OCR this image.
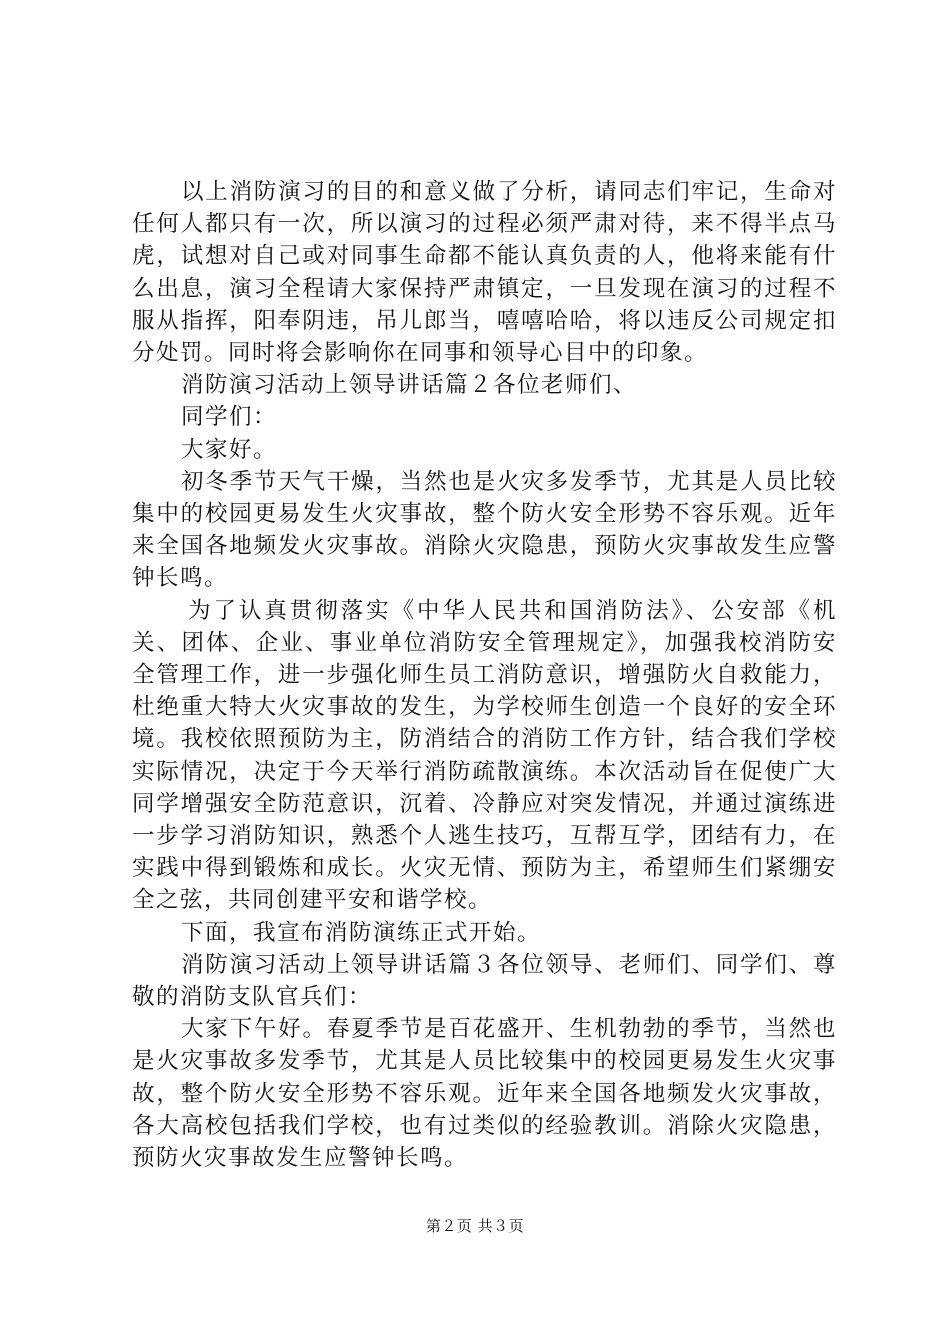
以上消防演习的目的和意义做了分析，请同志们牢记，生命对任何人都只有一次，所以演习的过程必须严肃对待，来不得半点马虎，试想对自己或对同事生命都不能认真负责的人，他将来能有什么出息，演习全程请大家保持严肃镇定，一旦发现在演习的过程不服从指挥，阳奉阴违，吊儿郎当，嘻嘻哈哈，将以违反公司规定扣分处罚。同时将会影响你在同事和领导心目中的印象。

消防演习活动上领导讲话篇２各位老师们、

同学们：

大家好。

初冬季节天气干燥，当然也是火灾多发季节，尤其是人员比较集中的校园更易发生火灾事故，整个防火安全形势不容乐观。近年来全国各地频发火灾事故。消除火灾隐患，预防火灾事故发生应警钟长鸣。

为了认真贯彻落实《中华人民共和国消防法》、公安部《机关、团体、企业、事业单位消防安全管理规定》，加强我校消防安全管理工作，进一步强化师生员工消防意识，增强防火自救能力，杜绝重大特大火灾事故的发生，为学校师生创造一个良好的安全环境。我校依照预防为主，防消结合的消防工作方针，结合我们学校实际情况，决定于今天举行消防疏散演练。本次活动旨在促使广大同学增强安全防范意识，沉着、冷静应对突发情况，并通过演练进一步学习消防知识，熟悉个人逃生技巧，互帮互学，团结有力，在实践中得到锻炼和成长。火灾无情、预防为主，希望师生们紧绷安全之弦，共同创建平安和谐学校。

下面，我宣布消防演练正式开始。

消防演习活动上领导讲话篇３各位领导、老师们、同学们、尊敬的消防支队官兵们：

大家下午好。春夏季节是百花盛开、生机勃勃的季节，当然也是火灾事故多发季节，尤其是人员比较集中的校园更易发生火灾事故，整个防火安全形势不容乐观。近年来全国各地频发火灾事故，各大高校包括我们学校，也有过类似的经验教训。消除火灾隐患，预防火灾事故发生应警钟长鸣。

第２页 共３页
